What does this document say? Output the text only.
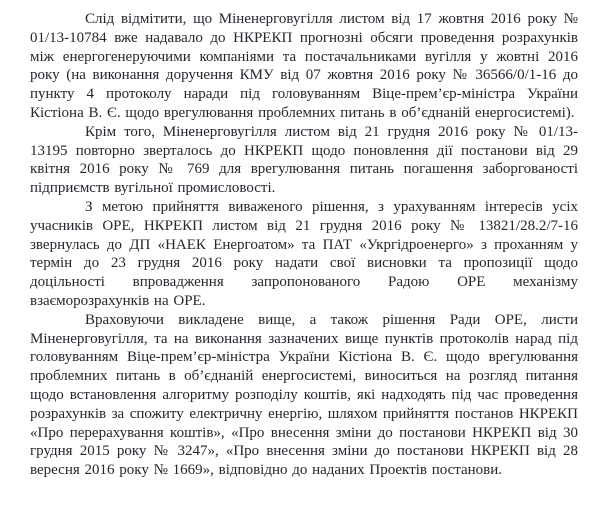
Слід відмітити, що Міненерговугілля листом від 17 жовтня 2016 року № 01/13-10784 вже надавало до НКРЕКП прогнозні обсяги проведення розрахунків між енергогенеруючими компаніями та постачальниками вугілля у жовтні 2016 року (на виконання доручення КМУ від 07 жовтня 2016 року № 36566/0/1-16 до пункту 4 протоколу наради під головуванням Віце-прем’єр-міністра України Кістіона В. Є. щодо врегулювання проблемних питань в об’єднаній енергосистемі).

Крім того, Міненерговугілля листом від 21 грудня 2016 року № 01/13-13195 повторно зверталось до НКРЕКП щодо поновлення дії постанови від 29 квітня 2016 року № 769 для врегулювання питань погашення заборгованості підприємств вугільної промисловості.

З метою прийняття виваженого рішення, з урахуванням інтересів усіх учасників ОРЕ, НКРЕКП листом від 21 грудня 2016 року № 13821/28.2/7-16 звернулась до ДП «НАЕК Енергоатом» та ПАТ «Укргідроенерго» з проханням у термін до 23 грудня 2016 року надати свої висновки та пропозиції щодо доцільності впровадження запропонованого Радою ОРЕ механізму взаєморозрахунків на ОРЕ.

Враховуючи викладене вище, а також рішення Ради ОРЕ, листи Міненерговугілля, та на виконання зазначених вище пунктів протоколів нарад під головуванням Віце-прем’єр-міністра України Кістіона В. Є. щодо врегулювання проблемних питань в об’єднаній енергосистемі, виноситься на розгляд питання щодо встановлення алгоритму розподілу коштів, які надходять під час проведення розрахунків за спожиту електричну енергію, шляхом прийняття постанов НКРЕКП «Про перерахування коштів», «Про внесення зміни до постанови НКРЕКП від 30 грудня 2015 року № 3247», «Про внесення зміни до постанови НКРЕКП від 28 вересня 2016 року № 1669», відповідно до наданих Проектів постанови.
